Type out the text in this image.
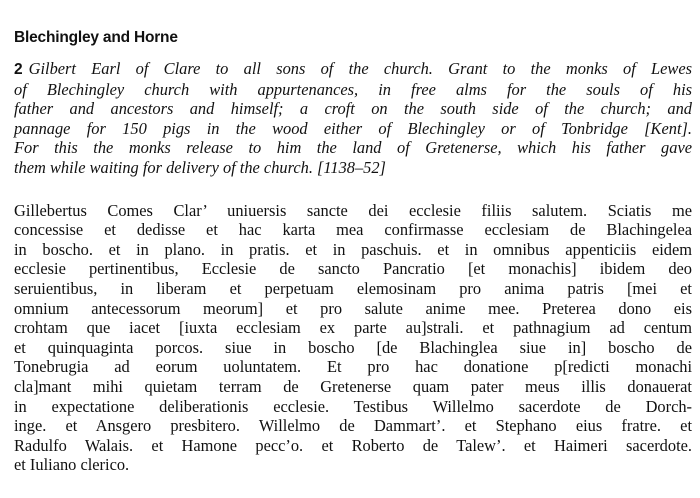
Blechingley and Horne
2 Gilbert Earl of Clare to all sons of the church. Grant to the monks of Lewes
of Blechingley church with appurtenances, in free alms for the souls of his
father and ancestors and himself; a croft on the south side of the church; and
pannage for 150 pigs in the wood either of Blechingley or of Tonbridge [Kent].
For this the monks release to him the land of Gretenerse, which his father gave
them while waiting for delivery of the church. [1138–52]
Gillebertus Comes Clar’ uniuersis sancte dei ecclesie filiis salutem. Sciatis me
concessise et dedisse et hac karta mea confirmasse ecclesiam de Blachingelea
in boscho. et in plano. in pratis. et in paschuis. et in omnibus appenticiis eidem
ecclesie pertinentibus, Ecclesie de sancto Pancratio [et monachis] ibidem deo
seruientibus, in liberam et perpetuam elemosinam pro anima patris [mei et
omnium antecessorum meorum] et pro salute anime mee. Preterea dono eis
crohtam que iacet [iuxta ecclesiam ex parte au]strali. et pathnagium ad centum
et quinquaginta porcos. siue in boscho [de Blachinglea siue in] boscho de
Tonebrugia ad eorum uoluntatem. Et pro hac donatione p[redicti monachi
cla]mant mihi quietam terram de Gretenerse quam pater meus illis donauerat
in expectatione deliberationis ecclesie. Testibus Willelmo sacerdote de Dorch-
inge. et Ansgero presbitero. Willelmo de Dammart’. et Stephano eius fratre. et
Radulfo Walais. et Hamone pecc’o. et Roberto de Talew’. et Haimeri sacerdote.
et Iuliano clerico.
